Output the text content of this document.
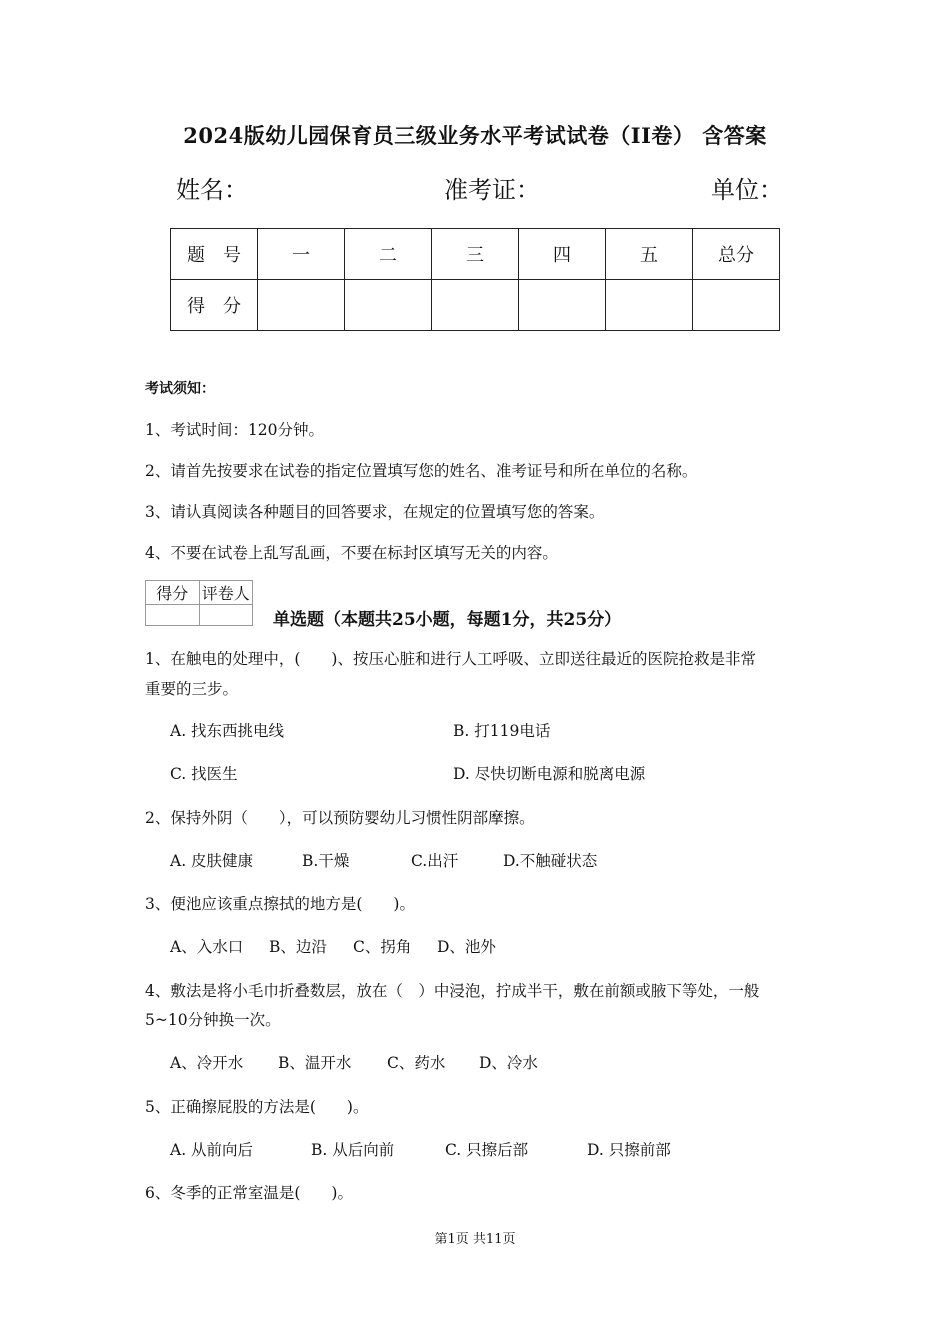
2024版幼儿园保育员三级业务水平考试试卷（II卷） 含答案
姓名：	准考证：	单位：
题　号	一	二	三	四	五	总分
得　分						
考试须知：
1、考试时间：120分钟。
2、请首先按要求在试卷的指定位置填写您的姓名、准考证号和所在单位的名称。
3、请认真阅读各种题目的回答要求，在规定的位置填写您的答案。
4、不要在试卷上乱写乱画，不要在标封区填写无关的内容。
得分	评卷人

单选题（本题共25小题，每题1分，共25分）
1、在触电的处理中，(　　)、按压心脏和进行人工呼吸、立即送往最近的医院抢救是非常
重要的三步。
A. 找东西挑电线	B. 打119电话
C. 找医生	D. 尽快切断电源和脱离电源
2、保持外阴（　　），可以预防婴幼儿习惯性阴部摩擦。
A. 皮肤健康	B.干燥	C.出汗	D.不触碰状态
3、便池应该重点擦拭的地方是(　　)。
A、入水口 B、边沿 C、拐角 D、池外
4、敷法是将小毛巾折叠数层，放在（　）中浸泡，拧成半干，敷在前额或腋下等处，一般
5~10分钟换一次。
A、冷开水 B、温开水 C、药水 D、冷水
5、正确擦屁股的方法是(　　)。
A. 从前向后	B. 从后向前	C. 只擦后部	D. 只擦前部
6、冬季的正常室温是(　　)。
第1页 共11页
